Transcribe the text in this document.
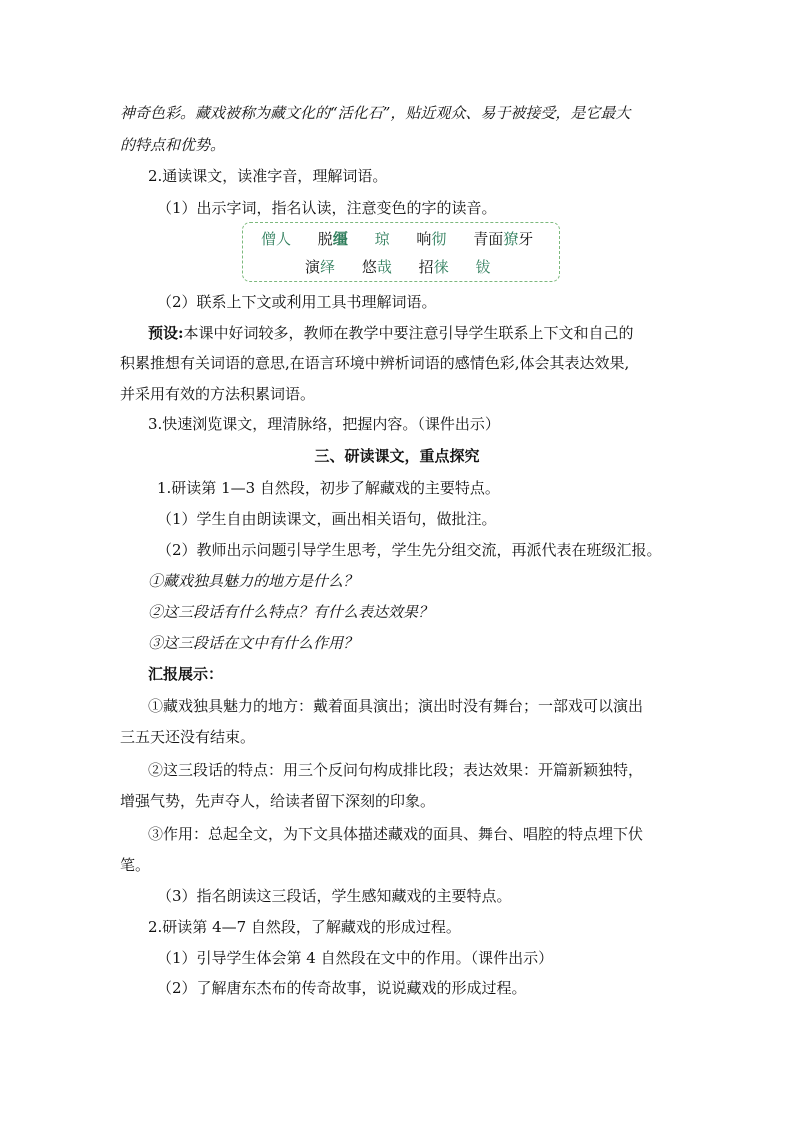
神奇色彩。藏戏被称为藏文化的“活化石”，贴近观众、易于被接受，是它最大
的特点和优势。
2.通读课文，读准字音，理解词语。
（1）出示字词，指名认读，注意变色的字的读音。
僧人 脱缰 琼 响彻 青面獠牙
演绎 悠哉 招徕 钹
（2）联系上下文或利用工具书理解词语。
预设:本课中好词较多，教师在教学中要注意引导学生联系上下文和自己的
积累推想有关词语的意思,在语言环境中辨析词语的感情色彩,体会其表达效果,
并采用有效的方法积累词语。
3.快速浏览课文，理清脉络，把握内容。（课件出示）
三、研读课文，重点探究
1.研读第 1—3 自然段，初步了解藏戏的主要特点。
（1）学生自由朗读课文，画出相关语句，做批注。
（2）教师出示问题引导学生思考，学生先分组交流，再派代表在班级汇报。
①藏戏独具魅力的地方是什么？
②这三段话有什么特点？有什么表达效果？
③这三段话在文中有什么作用？
汇报展示：
①藏戏独具魅力的地方：戴着面具演出；演出时没有舞台；一部戏可以演出
三五天还没有结束。
②这三段话的特点：用三个反问句构成排比段；表达效果：开篇新颖独特，
增强气势，先声夺人，给读者留下深刻的印象。
③作用：总起全文，为下文具体描述藏戏的面具、舞台、唱腔的特点埋下伏
笔。
（3）指名朗读这三段话，学生感知藏戏的主要特点。
2.研读第 4—7 自然段，了解藏戏的形成过程。
（1）引导学生体会第 4 自然段在文中的作用。（课件出示）
（2）了解唐东杰布的传奇故事，说说藏戏的形成过程。
